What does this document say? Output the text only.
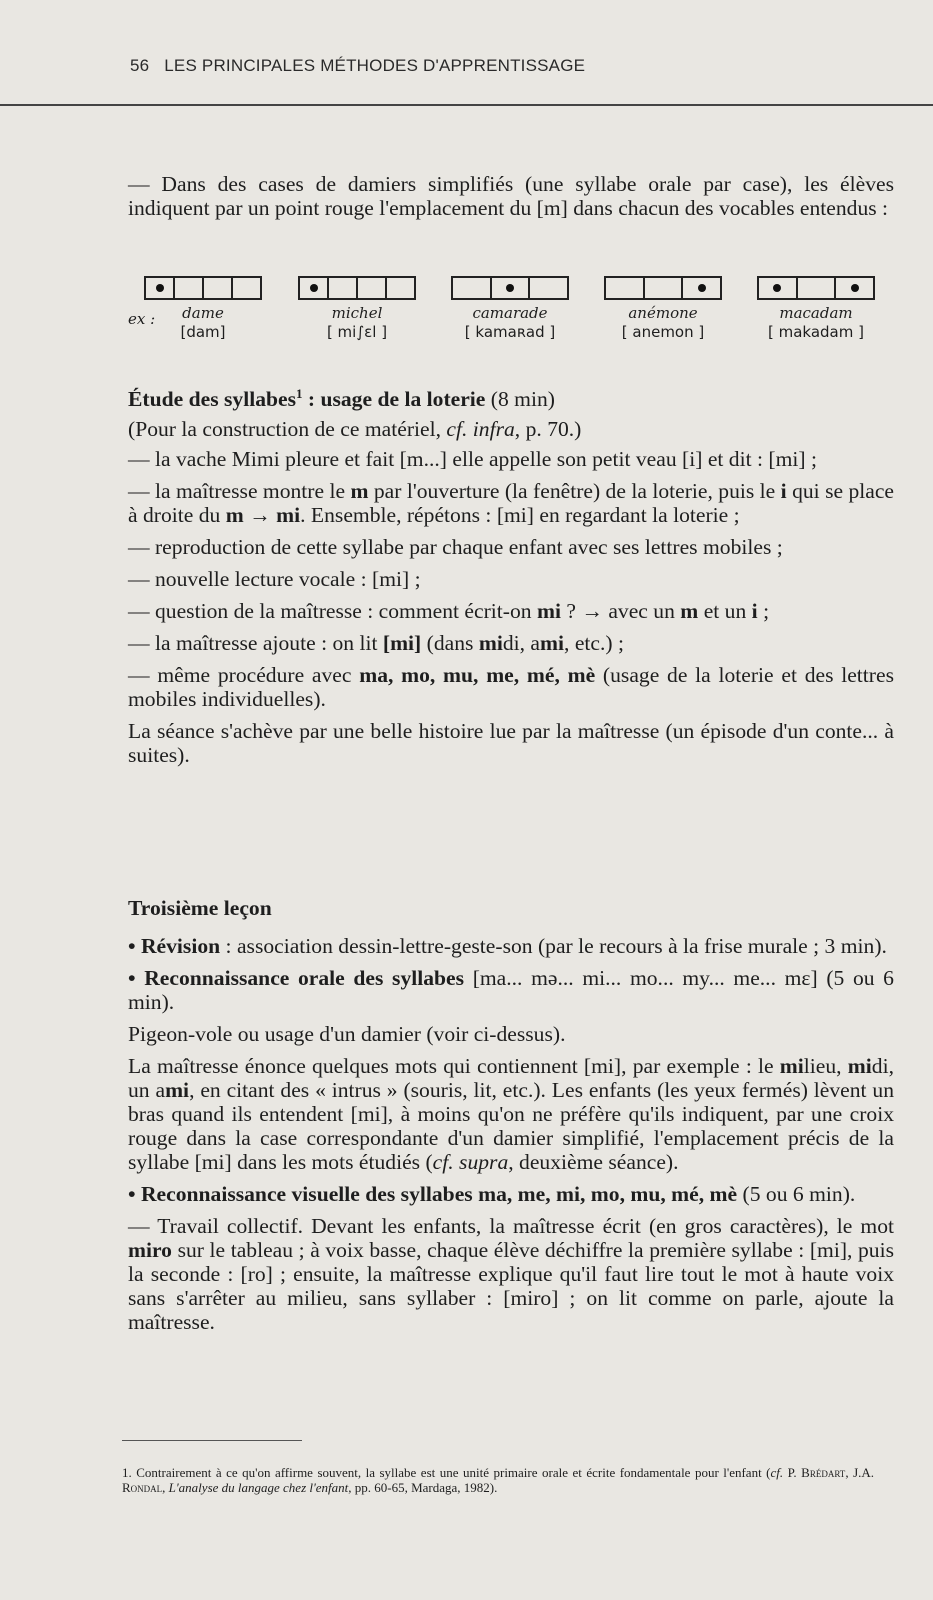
56 LES PRINCIPALES MÉTHODES D'APPRENTISSAGE

— Dans des cases de damiers simplifiés (une syllabe orale par case), les élèves indiquent par un point rouge l'emplacement du [m] dans chacun des vocables entendus :

ex :	dame
[dam]
michel
[ mi∫ɛl ]
camarade
[ kamaʀad ]
anémone
[ anemon ]
macadam
[ makadam ]

Étude des syllabes$^1$ : usage de la loterie (8 min)

(Pour la construction de ce matériel, cf. infra, p. 70.)

— la vache Mimi pleure et fait [m...] elle appelle son petit veau [i] et dit : [mi] ;

— la maîtresse montre le m par l'ouverture (la fenêtre) de la loterie, puis le i qui se place à droite du m → mi. Ensemble, répétons : [mi] en regardant la loterie ;

— reproduction de cette syllabe par chaque enfant avec ses lettres mobiles ;

— nouvelle lecture vocale : [mi] ;

— question de la maîtresse : comment écrit-on mi ? → avec un m et un i ;

— la maîtresse ajoute : on lit [mi] (dans midi, ami, etc.) ;

— même procédure avec ma, mo, mu, me, mé, mè (usage de la loterie et des lettres mobiles individuelles).

La séance s'achève par une belle histoire lue par la maîtresse (un épisode d'un conte... à suites).

Troisième leçon

• Révision : association dessin-lettre-geste-son (par le recours à la frise murale ; 3 min).

• Reconnaissance orale des syllabes [ma... mə... mi... mo... my... me... mɛ] (5 ou 6 min).

Pigeon-vole ou usage d'un damier (voir ci-dessus).

La maîtresse énonce quelques mots qui contiennent [mi], par exemple : le milieu, midi, un ami, en citant des « intrus » (souris, lit, etc.). Les enfants (les yeux fermés) lèvent un bras quand ils entendent [mi], à moins qu'on ne préfère qu'ils indiquent, par une croix rouge dans la case correspondante d'un damier simplifié, l'emplacement précis de la syllabe [mi] dans les mots étudiés (cf. supra, deuxième séance).

• Reconnaissance visuelle des syllabes ma, me, mi, mo, mu, mé, mè (5 ou 6 min).

— Travail collectif. Devant les enfants, la maîtresse écrit (en gros caractères), le mot miro sur le tableau ; à voix basse, chaque élève déchiffre la première syllabe : [mi], puis la seconde : [ro] ; ensuite, la maîtresse explique qu'il faut lire tout le mot à haute voix sans s'arrêter au milieu, sans syllaber : [miro] ; on lit comme on parle, ajoute la maîtresse.

1. Contrairement à ce qu'on affirme souvent, la syllabe est une unité primaire orale et écrite fondamentale pour l'enfant (cf. P. Brédart, J.A. Rondal, L'analyse du langage chez l'enfant, pp. 60-65, Mardaga, 1982).
